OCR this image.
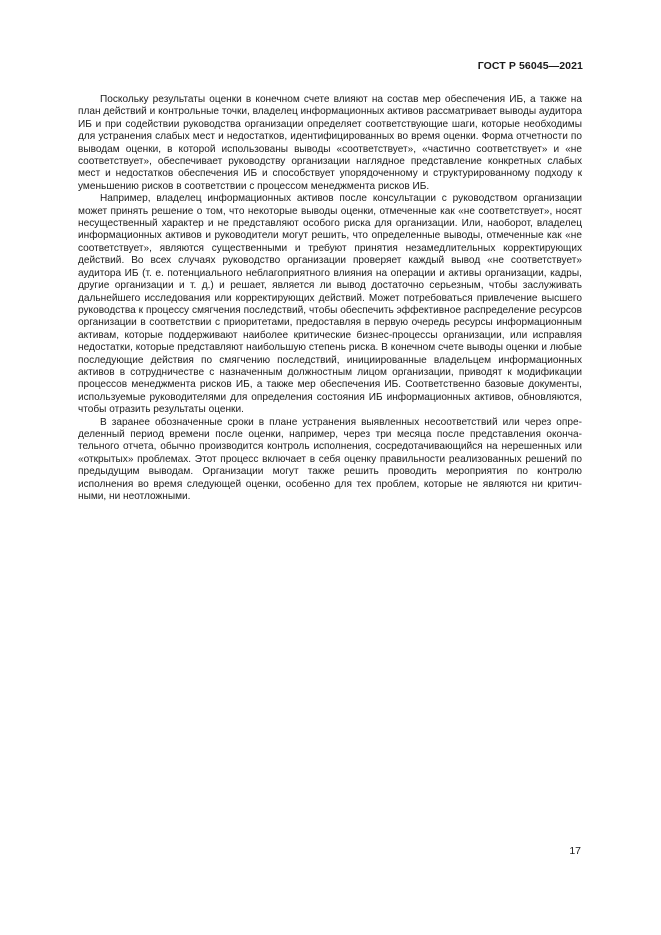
ГОСТ Р 56045—2021

Поскольку результаты оценки в конечном счете влияют на состав мер обеспечения ИБ, а также на план действий и контрольные точки, владелец информационных активов рассматривает выводы аудитора ИБ и при содействии руководства организации определяет соответствующие шаги, которые необходимы для устранения слабых мест и недостатков, идентифицированных во время оценки. Форма отчетности по выводам оценки, в которой использованы выводы «соответствует», «частично соответствует» и «не соответствует», обеспечивает руководству организации наглядное представление конкретных слабых мест и недостатков обеспечения ИБ и способствует упорядоченному и структурированному подходу к уменьшению рисков в соответствии с процессом менеджмента рисков ИБ.

Например, владелец информационных активов после консультации с руководством организации может принять решение о том, что некоторые выводы оценки, отмеченные как «не соответствует», носят несущественный характер и не представляют особого риска для организации. Или, наоборот, владелец информационных активов и руководители могут решить, что определенные выводы, отмеченные как «не соответствует», являются существенными и требуют принятия незамедлительных корректирующих действий. Во всех случаях руководство организации проверяет каждый вывод «не соответствует» аудитора ИБ (т. е. потенциального неблагоприятного влияния на операции и активы организации, кадры, другие организации и т. д.) и решает, является ли вывод достаточно серьезным, чтобы заслуживать дальнейшего исследования или корректирующих действий. Может потребоваться привлечение высшего руководства к процессу смягчения последствий, чтобы обеспечить эффективное распределение ресурсов организации в соответствии с приоритетами, предоставляя в первую очередь ресурсы информационным активам, которые поддерживают наиболее критические бизнес-процессы организации, или исправляя недостатки, которые представляют наибольшую степень риска. В конечном счете выводы оценки и любые последующие действия по смягчению последствий, инициированные владельцем информационных активов в сотрудничестве с назначенным должностным лицом организации, приводят к модификации процессов менеджмента рисков ИБ, а также мер обеспечения ИБ. Соответственно базовые документы, используемые руководителями для определения состояния ИБ информационных активов, обновляются, чтобы отразить результаты оценки.

В заранее обозначенные сроки в плане устранения выявленных несоответствий или через определенный период времени после оценки, например, через три месяца после представления окончательного отчета, обычно производится контроль исполнения, сосредотачивающийся на нерешенных или «открытых» проблемах. Этот процесс включает в себя оценку правильности реализованных решений по предыдущим выводам. Организации могут также решить проводить мероприятия по контролю исполнения во время следующей оценки, особенно для тех проблем, которые не являются ни критичными, ни неотложными.

17
